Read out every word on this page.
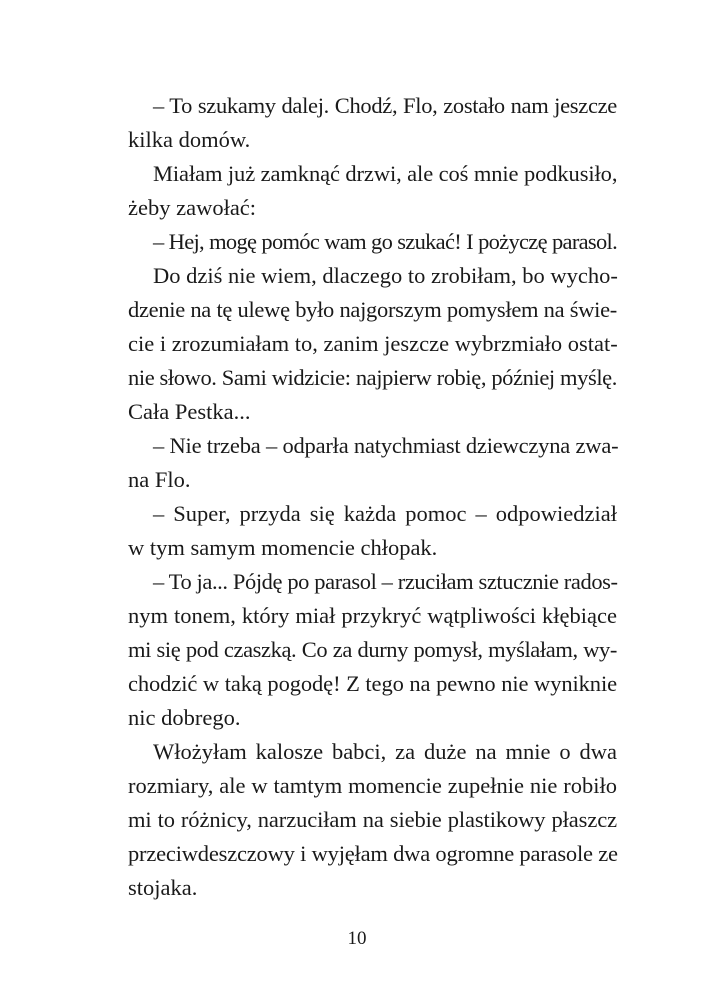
– To szukamy dalej. Chodź, Flo, zostało nam jeszcze
kilka domów.
Miałam już zamknąć drzwi, ale coś mnie podkusiło,
żeby zawołać:
– Hej, mogę pomóc wam go szukać! I pożyczę parasol.
Do dziś nie wiem, dlaczego to zrobiłam, bo wycho-
dzenie na tę ulewę było najgorszym pomysłem na świe-
cie i zrozumiałam to, zanim jeszcze wybrzmiało ostat-
nie słowo. Sami widzicie: najpierw robię, później myślę.
Cała Pestka...
– Nie trzeba – odparła natychmiast dziewczyna zwa-
na Flo.
– Super, przyda się każda pomoc – odpowiedział
w tym samym momencie chłopak.
– To ja... Pójdę po parasol – rzuciłam sztucznie rados-
nym tonem, który miał przykryć wątpliwości kłębiące
mi się pod czaszką. Co za durny pomysł, myślałam, wy-
chodzić w taką pogodę! Z tego na pewno nie wyniknie
nic dobrego.
Włożyłam kalosze babci, za duże na mnie o dwa
rozmiary, ale w tamtym momencie zupełnie nie robiło
mi to różnicy, narzuciłam na siebie plastikowy płaszcz
przeciwdeszczowy i wyjęłam dwa ogromne parasole ze
stojaka.
10
